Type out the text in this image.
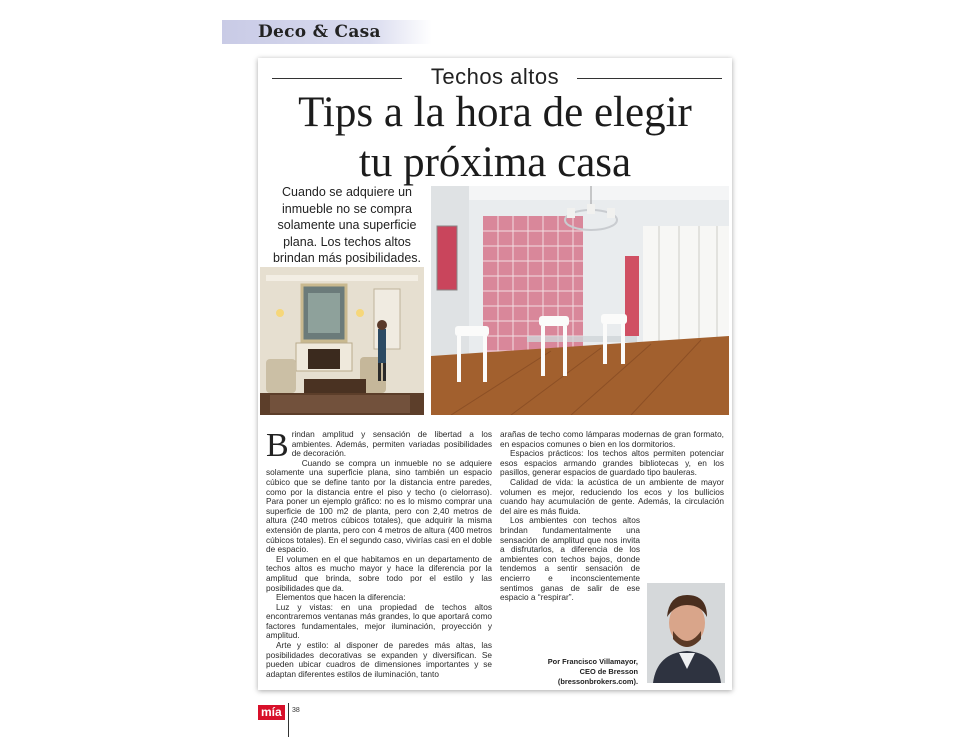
Deco & Casa
Techos altos
Tips a la hora de elegir
tu próxima casa
Cuando se adquiere un inmueble no se compra solamente una superficie plana. Los techos altos brindan más posibilidades.

Brindan amplitud y sensación de libertad a los ambientes. Además, permiten variadas posibilidades de decoración.

Cuando se compra un inmueble no se adquiere solamente una superficie plana, sino también un espacio cúbico que se define tanto por la distancia entre paredes, como por la distancia entre el piso y techo (o cielorraso). Para poner un ejemplo gráfico: no es lo mismo comprar una superficie de 100 m2 de planta, pero con 2,40 metros de altura (240 metros cúbicos totales), que adquirir la misma extensión de planta, pero con 4 metros de altura (400 metros cúbicos totales). En el segundo caso, vivirías casi en el doble de espacio.

El volumen en el que habitamos en un departamento de techos altos es mucho mayor y hace la diferencia por la amplitud que brinda, sobre todo por el estilo y las posibilidades que da.

Elementos que hacen la diferencia:

Luz y vistas: en una propiedad de techos altos encontraremos ventanas más grandes, lo que aportará como factores fundamentales, mejor iluminación, proyección y amplitud.

Arte y estilo: al disponer de paredes más altas, las posibilidades decorativas se expanden y diversifican. Se pueden ubicar cuadros de dimensiones importantes y se adaptan diferentes estilos de iluminación, tanto

arañas de techo como lámparas modernas de gran formato, en espacios comunes o bien en los dormitorios.

Espacios prácticos: los techos altos permiten potenciar esos espacios armando grandes bibliotecas y, en los pasillos, generar espacios de guardado tipo bauleras.

Calidad de vida: la acústica de un ambiente de mayor volumen es mejor, reduciendo los ecos y los bullicios cuando hay acumulación de gente. Además, la circulación del aire es más fluida.

Los ambientes con techos altos brindan fundamentalmente una sensación de amplitud que nos invita a disfrutarlos, a diferencia de los ambientes con techos bajos, donde tendemos a sentir sensación de encierro e inconscientemente sentimos ganas de salir de ese espacio a “respirar”.

Por Francisco Villamayor,
CEO de Bresson
(bressonbrokers.com).
mía	38
